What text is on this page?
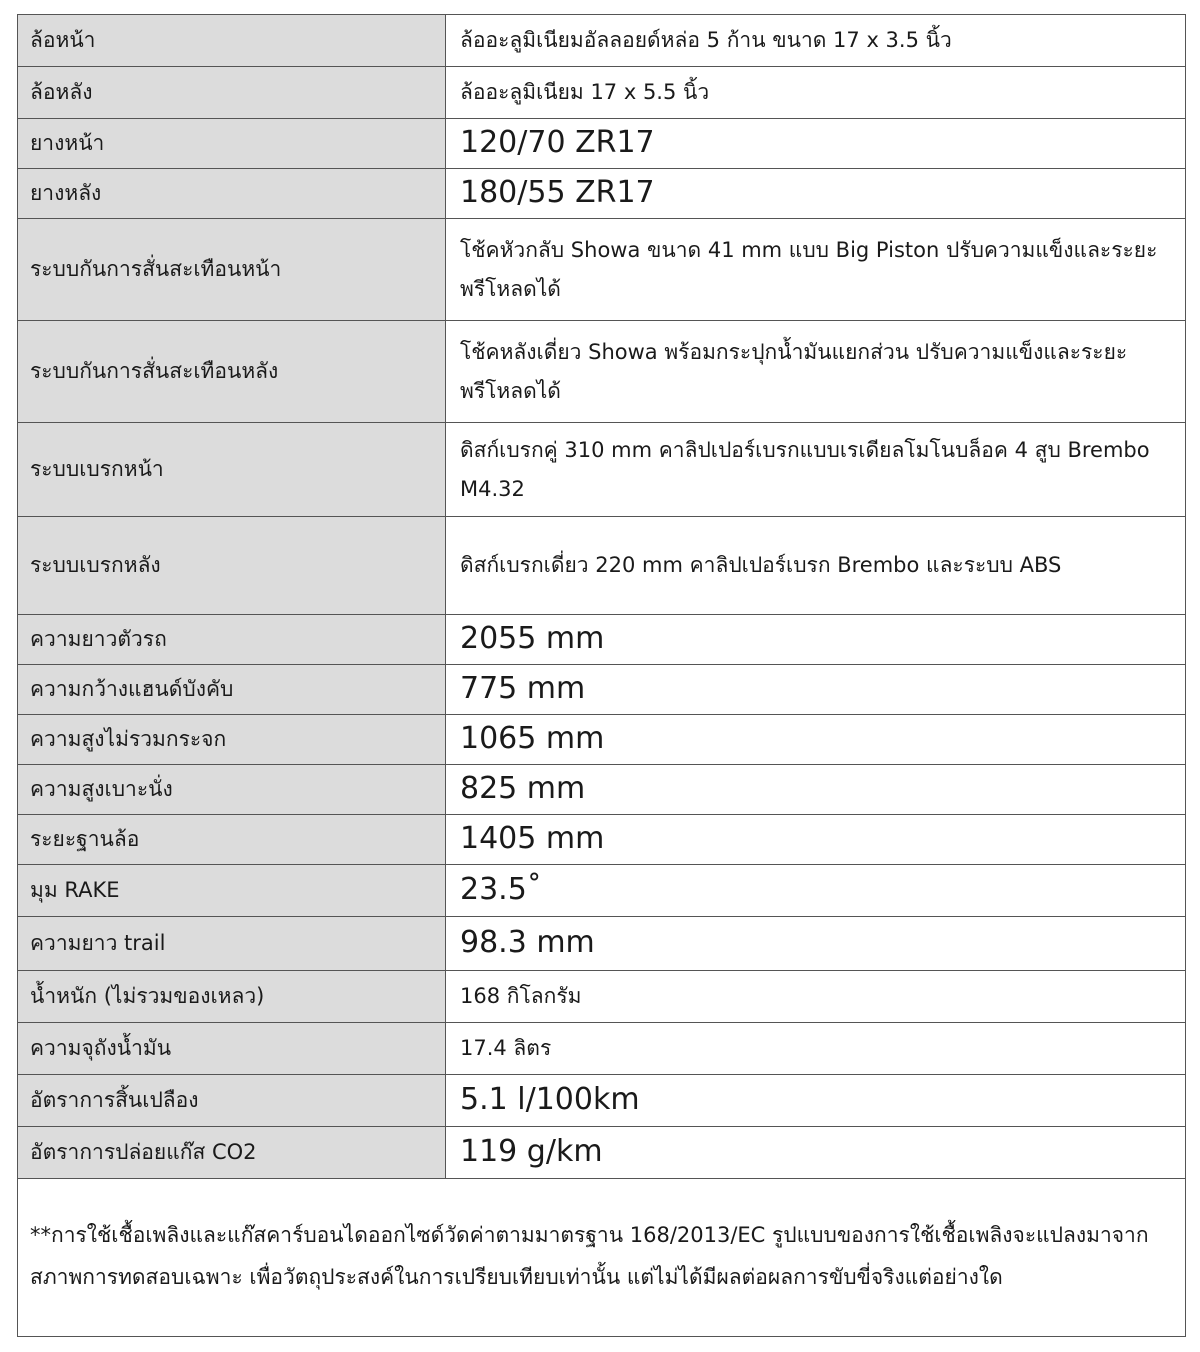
ล้อหน้า	ล้ออะลูมิเนียมอัลลอยด์หล่อ 5 ก้าน ขนาด 17 x 3.5 นิ้ว
ล้อหลัง	ล้ออะลูมิเนียม 17 x 5.5 นิ้ว
ยางหน้า	120/70 ZR17
ยางหลัง	180/55 ZR17
ระบบกันการสั่นสะเทือนหน้า	โช้คหัวกลับ Showa ขนาด 41 mm แบบ Big Piston ปรับความแข็งและระยะพรีโหลดได้
ระบบกันการสั่นสะเทือนหลัง	โช้คหลังเดี่ยว Showa พร้อมกระปุกน้ำมันแยกส่วน ปรับความแข็งและระยะพรีโหลดได้
ระบบเบรกหน้า	ดิสก์เบรกคู่ 310 mm คาลิปเปอร์เบรกแบบเรเดียลโมโนบล็อค 4 สูบ Brembo M4.32
ระบบเบรกหลัง	ดิสก์เบรกเดี่ยว 220 mm คาลิปเปอร์เบรก Brembo และระบบ ABS
ความยาวตัวรถ	2055 mm
ความกว้างแฮนด์บังคับ	775 mm
ความสูงไม่รวมกระจก	1065 mm
ความสูงเบาะนั่ง	825 mm
ระยะฐานล้อ	1405 mm
มุม RAKE	23.5˚
ความยาว trail	98.3 mm
น้ำหนัก (ไม่รวมของเหลว)	168 กิโลกรัม
ความจุถังน้ำมัน	17.4 ลิตร
อัตราการสิ้นเปลือง	5.1 l/100km
อัตราการปล่อยแก๊ส CO2	119 g/km
**การใช้เชื้อเพลิงและแก๊สคาร์บอนไดออกไซด์วัดค่าตามมาตรฐาน 168/2013/EC รูปแบบของการใช้เชื้อเพลิงจะแปลงมาจากสภาพการทดสอบเฉพาะ เพื่อวัตถุประสงค์ในการเปรียบเทียบเท่านั้น แต่ไม่ได้มีผลต่อผลการขับขี่จริงแต่อย่างใด	
